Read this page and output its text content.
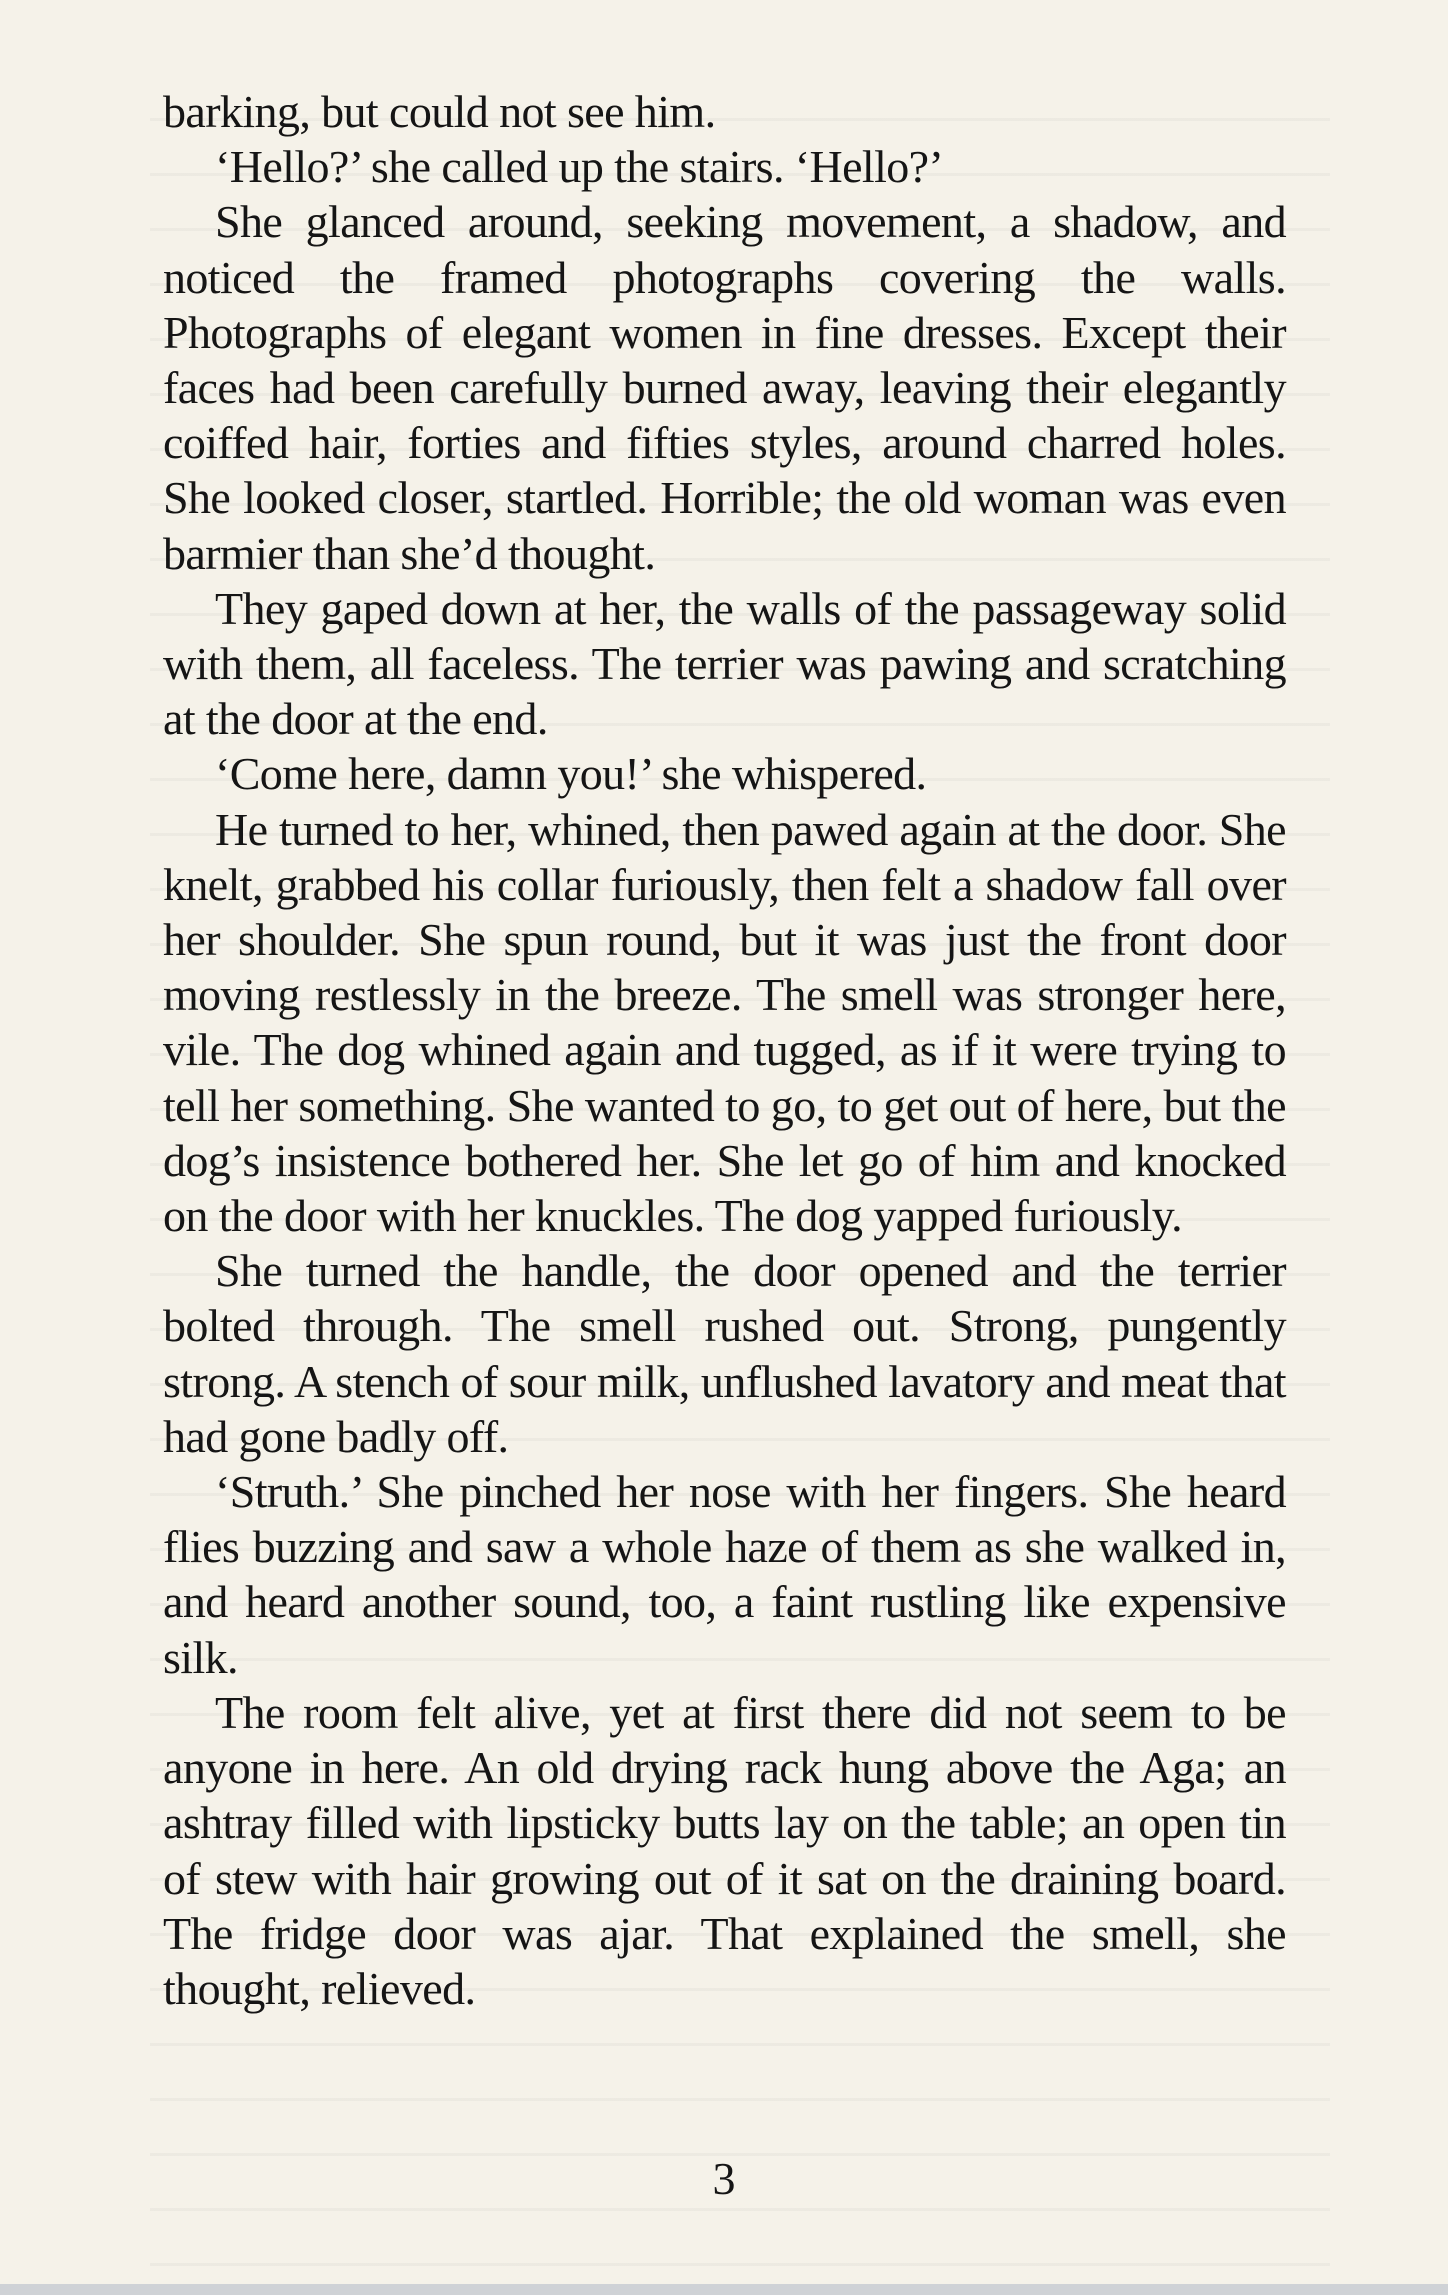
barking, but could not see him.

‘Hello?’ she called up the stairs. ‘Hello?’

She glanced around, seeking movement, a shadow, and noticed the framed photographs covering the walls. Photographs of elegant women in fine dresses. Except their faces had been carefully burned away, leaving their elegantly coiffed hair, forties and fifties styles, around charred holes. She looked closer, startled. Horrible; the old woman was even barmier than she’d thought.

They gaped down at her, the walls of the passageway solid with them, all faceless. The terrier was pawing and scratching at the door at the end.

‘Come here, damn you!’ she whispered.

He turned to her, whined, then pawed again at the door. She knelt, grabbed his collar furiously, then felt a shadow fall over her shoulder. She spun round, but it was just the front door moving restlessly in the breeze. The smell was stronger here, vile. The dog whined again and tugged, as if it were trying to tell her something. She wanted to go, to get out of here, but the dog’s insistence bothered her. She let go of him and knocked on the door with her knuckles. The dog yapped furiously.

She turned the handle, the door opened and the terrier bolted through. The smell rushed out. Strong, pungently strong. A stench of sour milk, unflushed lavatory and meat that had gone badly off.

‘Struth.’ She pinched her nose with her fingers. She heard flies buzzing and saw a whole haze of them as she walked in, and heard another sound, too, a faint rustling like expensive silk.

The room felt alive, yet at first there did not seem to be anyone in here. An old drying rack hung above the Aga; an ashtray filled with lipsticky butts lay on the table; an open tin of stew with hair growing out of it sat on the draining board. The fridge door was ajar. That explained the smell, she thought, relieved.

3
